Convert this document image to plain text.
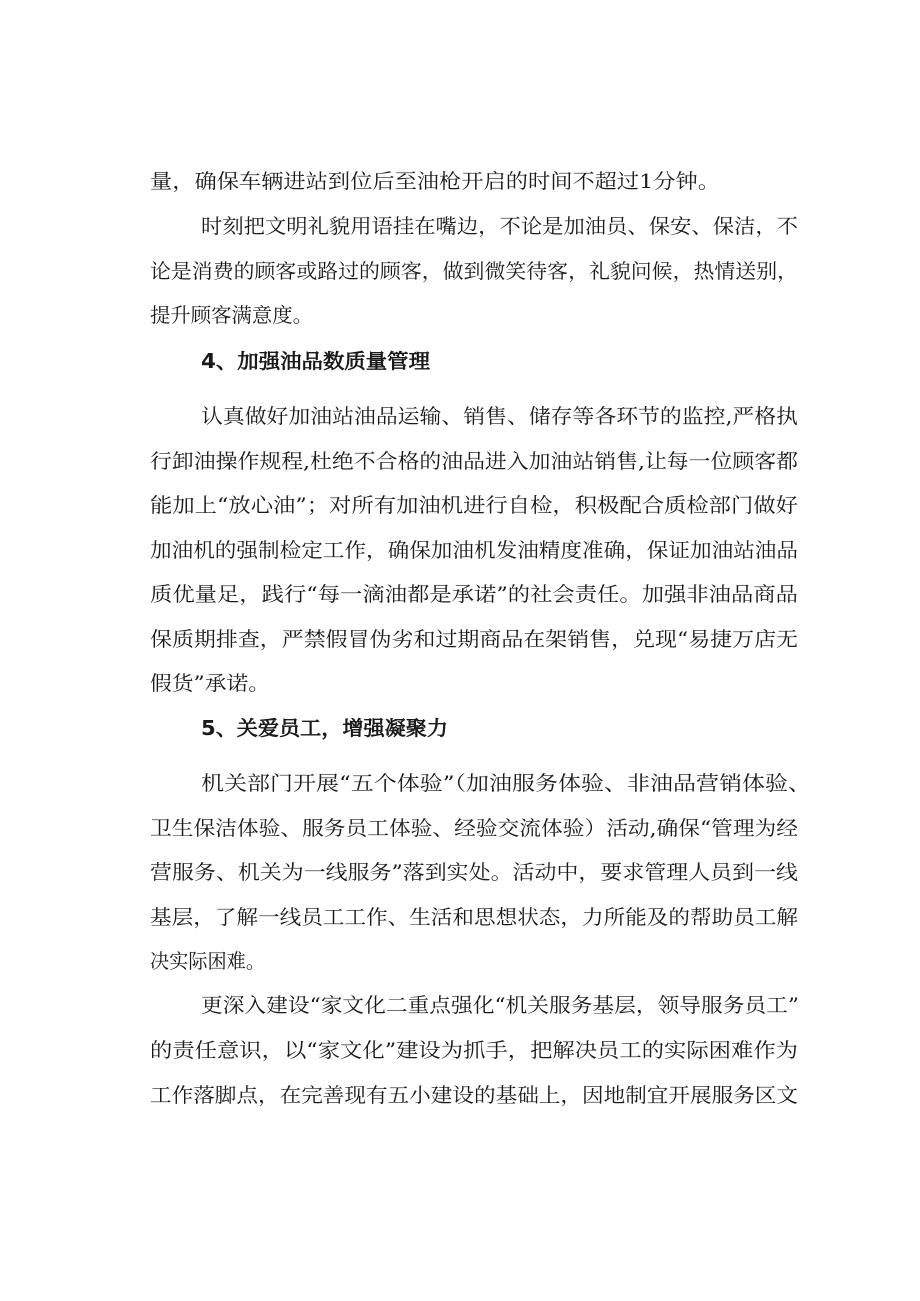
量，确保车辆进站到位后至油枪开启的时间不超过1分钟。
时刻把文明礼貌用语挂在嘴边，不论是加油员、保安、保洁，不
论是消费的顾客或路过的顾客，做到微笑待客，礼貌问候，热情送别，
提升顾客满意度。
4、加强油品数质量管理
认真做好加油站油品运输、销售、储存等各环节的监控,严格执
行卸油操作规程,杜绝不合格的油品进入加油站销售,让每一位顾客都
能加上“放心油”；对所有加油机进行自检，积极配合质检部门做好
加油机的强制检定工作，确保加油机发油精度准确，保证加油站油品
质优量足，践行“每一滴油都是承诺”的社会责任。加强非油品商品
保质期排查，严禁假冒伪劣和过期商品在架销售，兑现“易捷万店无
假货”承诺。
5、关爱员工，增强凝聚力
机关部门开展“五个体验”（加油服务体验、非油品营销体验、
卫生保洁体验、服务员工体验、经验交流体验）活动,确保“管理为经
营服务、机关为一线服务”落到实处。活动中，要求管理人员到一线
基层，了解一线员工工作、生活和思想状态，力所能及的帮助员工解
决实际困难。
更深入建设“家文化二重点强化“机关服务基层，领导服务员工”
的责任意识，以“家文化”建设为抓手，把解决员工的实际困难作为
工作落脚点，在完善现有五小建设的基础上，因地制宜开展服务区文
